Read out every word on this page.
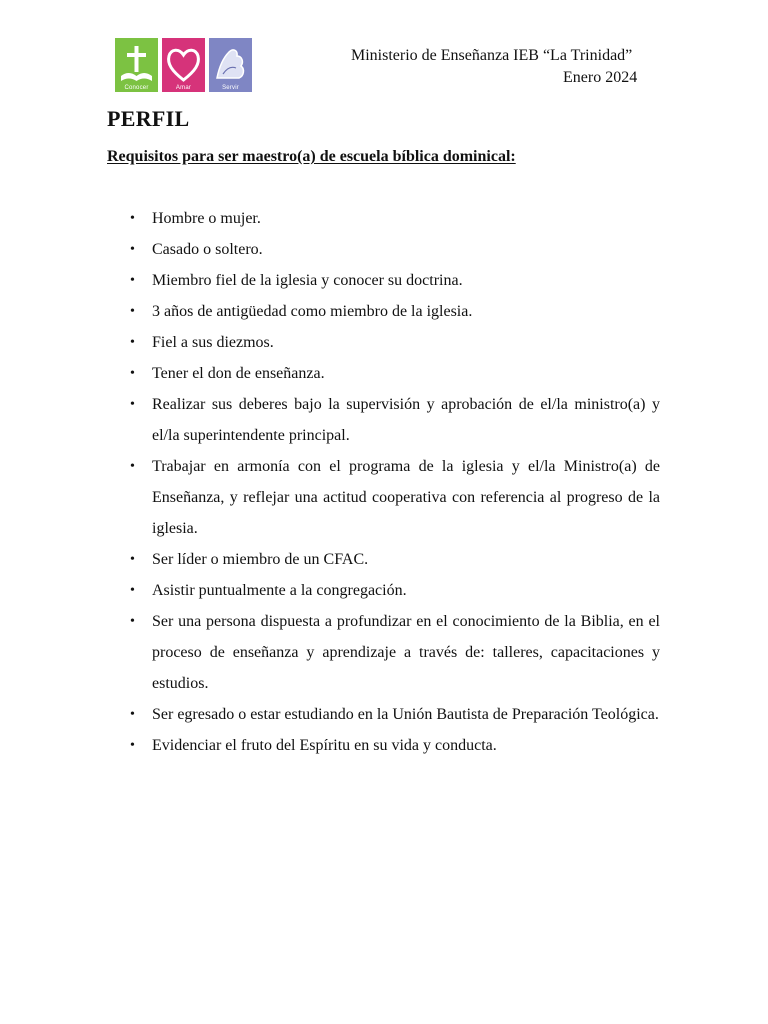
Conocer	Amar	Servir
Ministerio de Enseñanza IEB “La Trinidad”
Enero 2024
PERFIL
Requisitos para ser maestro(a) de escuela bíblica dominical:
• Hombre o mujer.
• Casado o soltero.
• Miembro fiel de la iglesia y conocer su doctrina.
• 3 años de antigüedad como miembro de la iglesia.
• Fiel a sus diezmos.
• Tener el don de enseñanza.
• Realizar sus deberes bajo la supervisión y aprobación de el/la ministro(a) y el/la superintendente principal.
• Trabajar en armonía con el programa de la iglesia y el/la Ministro(a) de Enseñanza, y reflejar una actitud cooperativa con referencia al progreso de la iglesia.
• Ser líder o miembro de un CFAC.
• Asistir puntualmente a la congregación.
• Ser una persona dispuesta a profundizar en el conocimiento de la Biblia, en el proceso de enseñanza y aprendizaje a través de: talleres, capacitaciones y estudios.
• Ser egresado o estar estudiando en la Unión Bautista de Preparación Teológica.
• Evidenciar el fruto del Espíritu en su vida y conducta.
